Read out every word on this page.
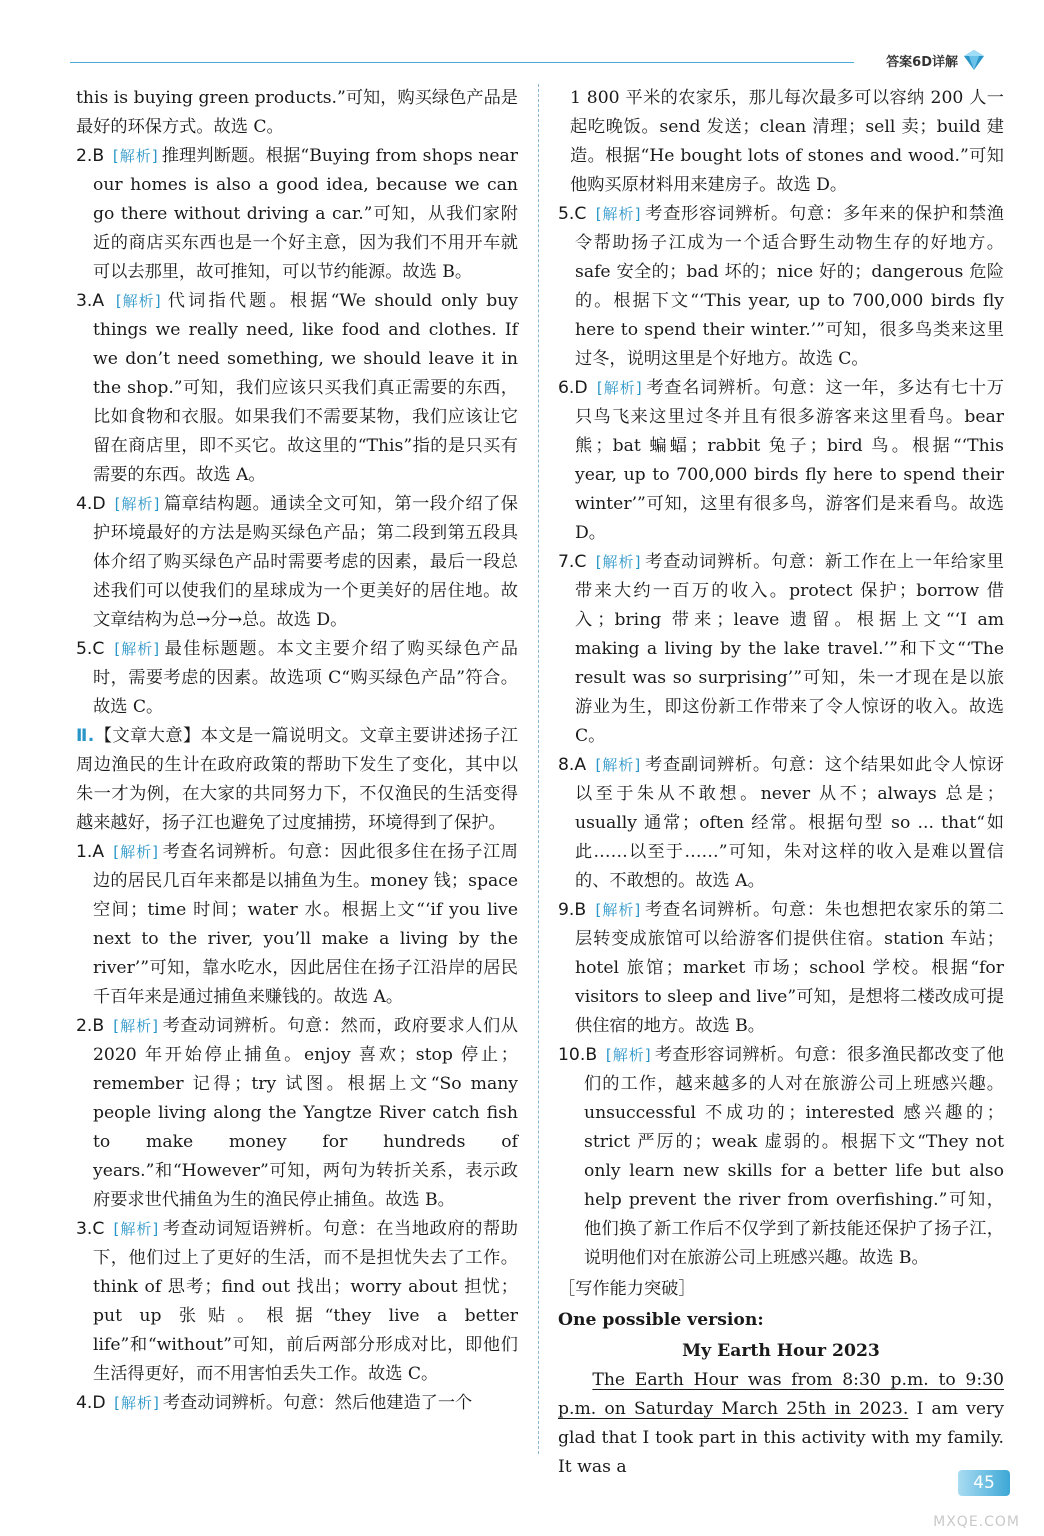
答案6D详解
this is buying green products.”可知，购买绿色产品是最好的环保方式。故选 C。
2.B [ 解析 ] 推理判断题。根据“Buying from shops near our homes is also a good idea, because we can go there without driving a car.”可知，从我们家附近的商店买东西也是一个好主意，因为我们不用开车就可以去那里，故可推知，可以节约能源。故选 B。
3.A [ 解析 ] 代词指代题。根据“We should only buy things we really need, like food and clothes. If we don’t need something, we should leave it in the shop.”可知，我们应该只买我们真正需要的东西，比如食物和衣服。如果我们不需要某物，我们应该让它留在商店里，即不买它。故这里的“This”指的是只买有需要的东西。故选 A。
4.D [ 解析 ] 篇章结构题。通读全文可知，第一段介绍了保护环境最好的方法是购买绿色产品；第二段到第五段具体介绍了购买绿色产品时需要考虑的因素，最后一段总述我们可以使我们的星球成为一个更美好的居住地。故文章结构为总→分→总。故选 D。
5.C [ 解析 ] 最佳标题题。本文主要介绍了购买绿色产品时，需要考虑的因素。故选项 C“购买绿色产品”符合。故选 C。
Ⅱ.【文章大意】本文是一篇说明文。文章主要讲述扬子江周边渔民的生计在政府政策的帮助下发生了变化，其中以朱一才为例，在大家的共同努力下，不仅渔民的生活变得越来越好，扬子江也避免了过度捕捞，环境得到了保护。
1.A [ 解析 ] 考查名词辨析。句意：因此很多住在扬子江周边的居民几百年来都是以捕鱼为生。money 钱；space 空间；time 时间；water 水。根据上文“‘if you live next to the river, you’ll make a living by the river’”可知，靠水吃水，因此居住在扬子江沿岸的居民千百年来是通过捕鱼来赚钱的。故选 A。
2.B [ 解析 ] 考查动词辨析。句意：然而，政府要求人们从 2020 年开始停止捕鱼。enjoy 喜欢；stop 停止；remember 记得；try 试图。根据上文“So many people living along the Yangtze River catch fish to make money for hundreds of years.”和“However”可知，两句为转折关系，表示政府要求世代捕鱼为生的渔民停止捕鱼。故选 B。
3.C [ 解析 ] 考查动词短语辨析。句意：在当地政府的帮助下，他们过上了更好的生活，而不是担忧失去了工作。think of 思考；find out 找出；worry about 担忧；put up 张贴。根据“they live a better life”和“without”可知，前后两部分形成对比，即他们生活得更好，而不用害怕丢失工作。故选 C。
4.D [ 解析 ] 考查动词辨析。句意：然后他建造了一个
1 800 平米的农家乐，那儿每次最多可以容纳 200 人一起吃晚饭。send 发送；clean 清理；sell 卖；build 建造。根据“He bought lots of stones and wood.”可知他购买原材料用来建房子。故选 D。
5.C [ 解析 ] 考查形容词辨析。句意：多年来的保护和禁渔令帮助扬子江成为一个适合野生动物生存的好地方。safe 安全的；bad 坏的；nice 好的；dangerous 危险的。根据下文“‘This year, up to 700,000 birds fly here to spend their winter.’”可知，很多鸟类来这里过冬，说明这里是个好地方。故选 C。
6.D [ 解析 ] 考查名词辨析。句意：这一年，多达有七十万只鸟飞来这里过冬并且有很多游客来这里看鸟。bear 熊；bat 蝙蝠；rabbit 兔子；bird 鸟。根据“‘This year, up to 700,000 birds fly here to spend their winter’”可知，这里有很多鸟，游客们是来看鸟。故选 D。
7.C [ 解析 ] 考查动词辨析。句意：新工作在上一年给家里带来大约一百万的收入。protect 保护；borrow 借入；bring 带来；leave 遗留。根据上文“‘I am making a living by the lake travel.’”和下文“‘The result was so surprising’”可知，朱一才现在是以旅游业为生，即这份新工作带来了令人惊讶的收入。故选 C。
8.A [ 解析 ] 考查副词辨析。句意：这个结果如此令人惊讶以至于朱从不敢想。never 从不；always 总是；usually 通常；often 经常。根据句型 so ... that“如此……以至于……”可知，朱对这样的收入是难以置信的、不敢想的。故选 A。
9.B [ 解析 ] 考查名词辨析。句意：朱也想把农家乐的第二层转变成旅馆可以给游客们提供住宿。station 车站；hotel 旅馆；market 市场；school 学校。根据“for visitors to sleep and live”可知，是想将二楼改成可提供住宿的地方。故选 B。
10.B [ 解析 ] 考查形容词辨析。句意：很多渔民都改变了他们的工作，越来越多的人对在旅游公司上班感兴趣。unsuccessful 不成功的；interested 感兴趣的；strict 严厉的；weak 虚弱的。根据下文“They not only learn new skills for a better life but also help prevent the river from overfishing.”可知，他们换了新工作后不仅学到了新技能还保护了扬子江，说明他们对在旅游公司上班感兴趣。故选 B。
［写作能力突破］
One possible version:
My Earth Hour 2023
The Earth Hour was from 8:30 p.m. to 9:30 p.m. on Saturday March 25th in 2023. I am very glad that I took part in this activity with my family. It was a
45
MXQE.COM
